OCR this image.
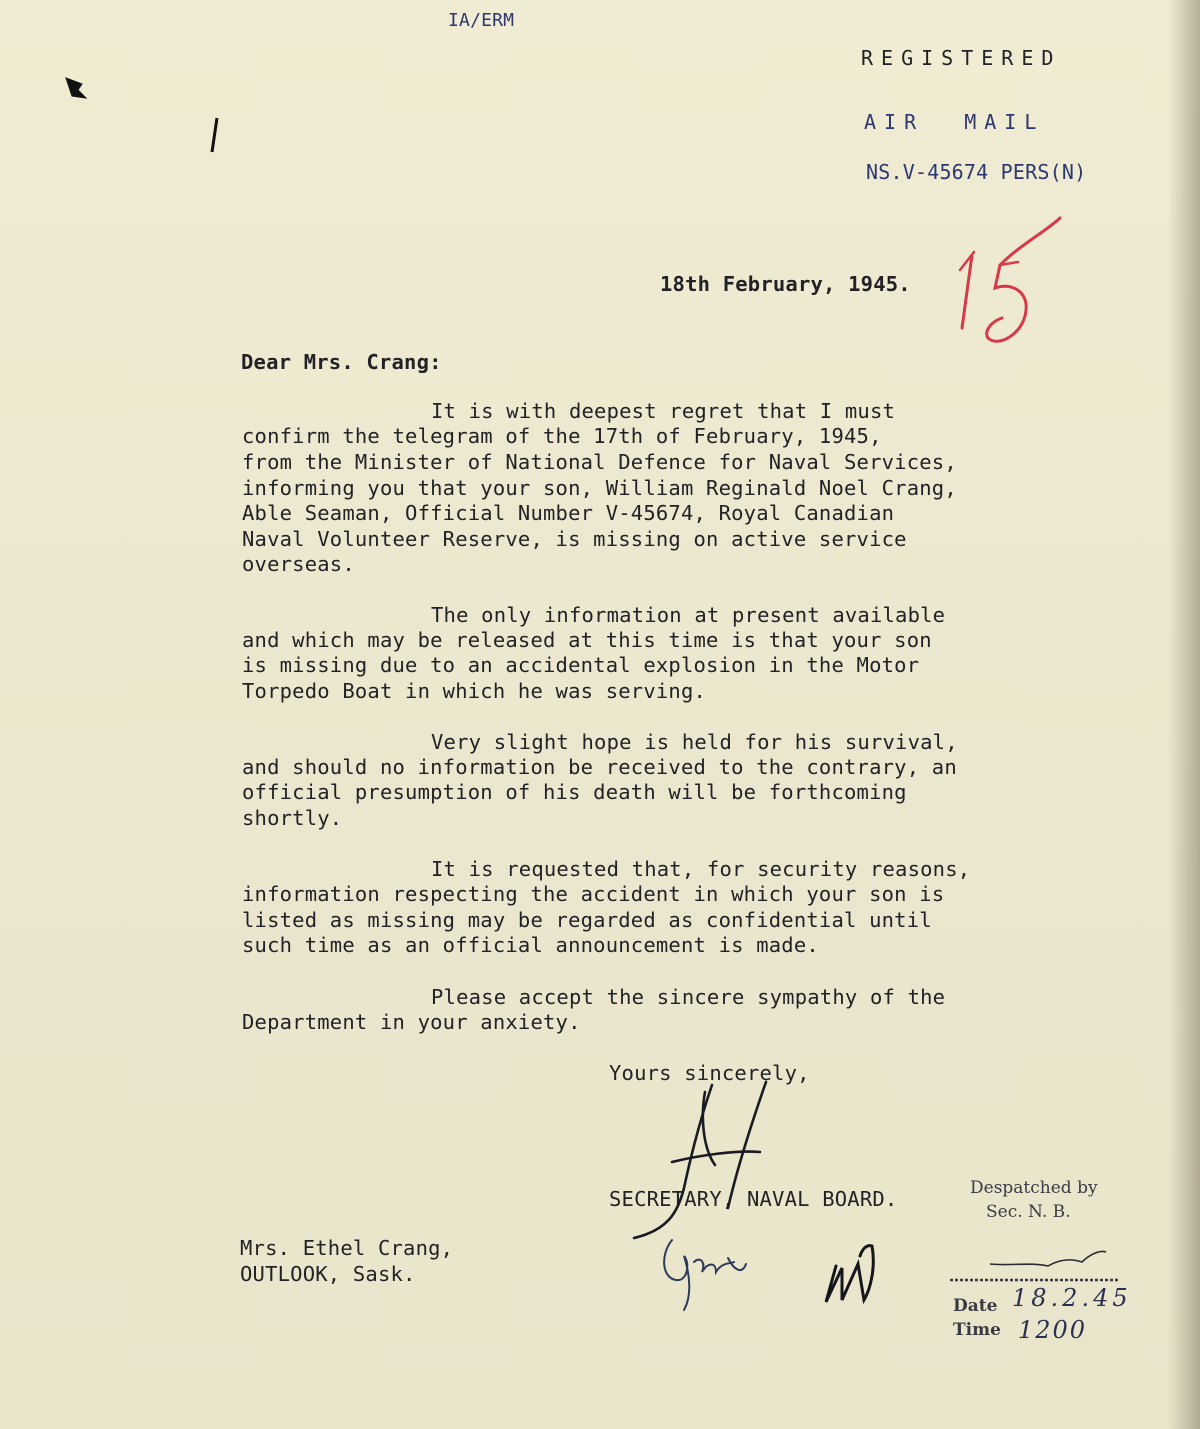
IA/ERM
REGISTERED
AIR  MAIL
NS.V-45674 PERS(N)
18th February, 1945.
Dear Mrs. Crang:
It is with deepest regret that I must
confirm the telegram of the 17th of February, 1945,
from the Minister of National Defence for Naval Services,
informing you that your son, William Reginald Noel Crang,
Able Seaman, Official Number V-45674, Royal Canadian
Naval Volunteer Reserve, is missing on active service
overseas.
The only information at present available
and which may be released at this time is that your son
is missing due to an accidental explosion in the Motor
Torpedo Boat in which he was serving.
Very slight hope is held for his survival,
and should no information be received to the contrary, an
official presumption of his death will be forthcoming
shortly.
It is requested that, for security reasons,
information respecting the accident in which your son is
listed as missing may be regarded as confidential until
such time as an official announcement is made.
Please accept the sincere sympathy of the
Department in your anxiety.
Yours sincerely,
SECRETARY, NAVAL BOARD.
Mrs. Ethel Crang,
OUTLOOK, Sask.
Despatched by
Sec. N. B.
Date
Time
18.2.45
1200
